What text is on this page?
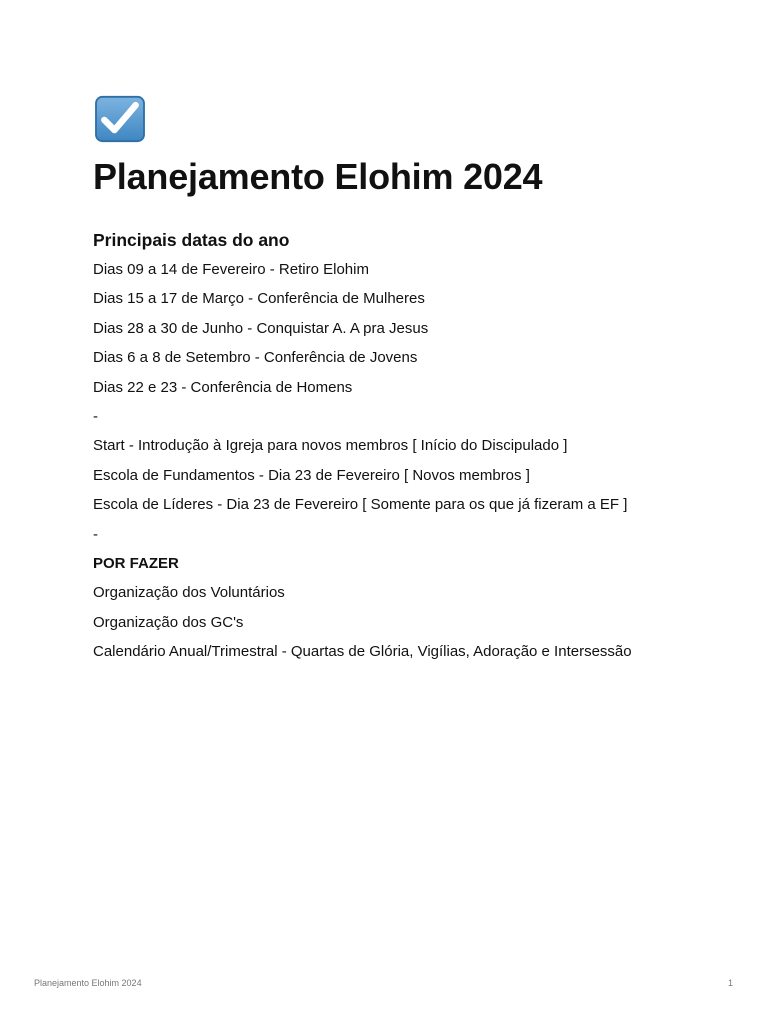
Planejamento Elohim 2024
Principais datas do ano
Dias 09 a 14 de Fevereiro - Retiro Elohim
Dias 15 a 17 de Março - Conferência de Mulheres
Dias 28 a 30 de Junho - Conquistar A. A pra Jesus
Dias 6 a 8 de Setembro - Conferência de Jovens
Dias 22 e 23 - Conferência de Homens
-
Start - Introdução à Igreja para novos membros [ Início do Discipulado ]
Escola de Fundamentos - Dia 23 de Fevereiro [ Novos membros ]
Escola de Líderes - Dia 23 de Fevereiro [ Somente para os que já fizeram a EF ]
-
POR FAZER
Organização dos Voluntários
Organização dos GC's
Calendário Anual/Trimestral - Quartas de Glória, Vigílias, Adoração e Intersessão
Planejamento Elohim 2024	1
